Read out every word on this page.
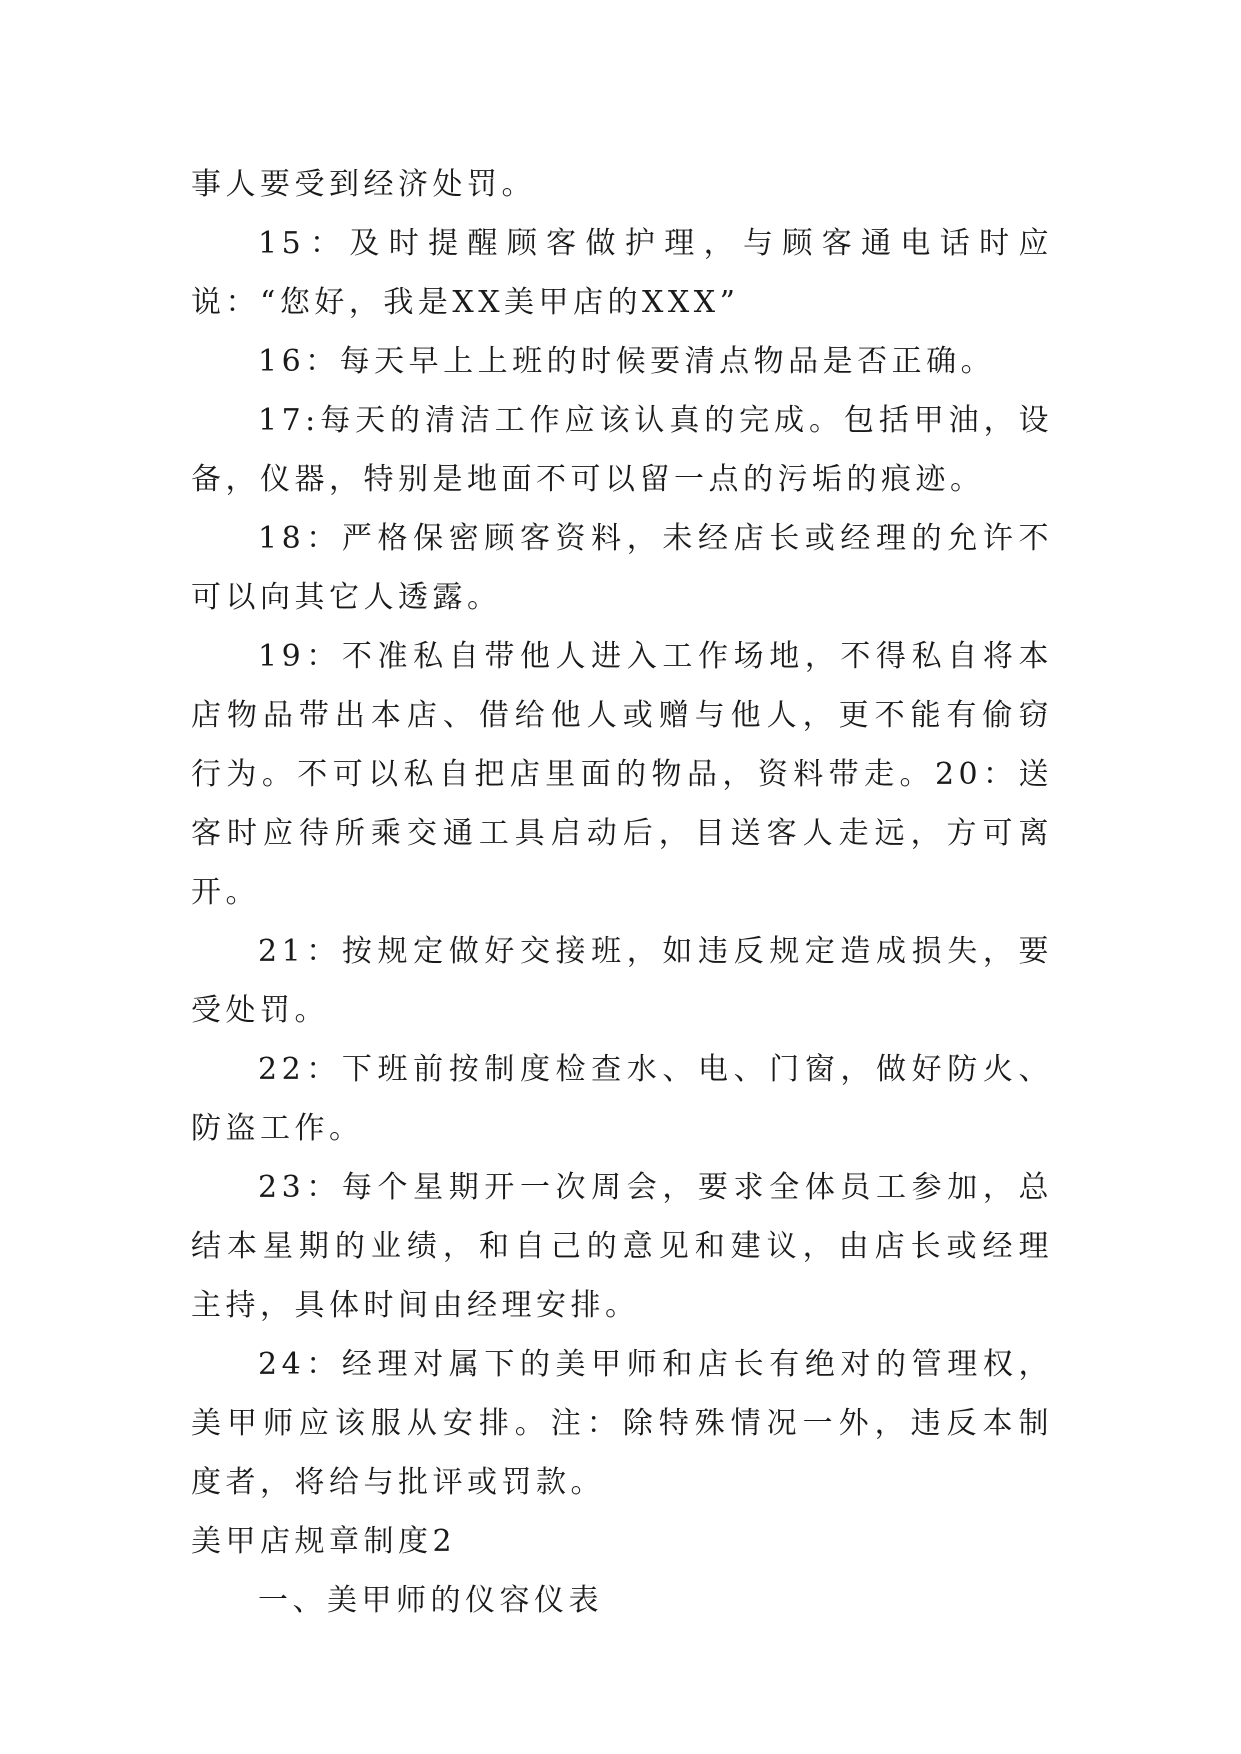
事人要受到经济处罚。

15：及时提醒顾客做护理，与顾客通电话时应说：“您好，我是XX美甲店的XXX”

16：每天早上上班的时候要清点物品是否正确。

17:每天的清洁工作应该认真的完成。包括甲油，设备，仪器，特别是地面不可以留一点的污垢的痕迹。

18：严格保密顾客资料，未经店长或经理的允许不可以向其它人透露。

19：不准私自带他人进入工作场地，不得私自将本店物品带出本店、借给他人或赠与他人，更不能有偷窃行为。不可以私自把店里面的物品，资料带走。20：送客时应待所乘交通工具启动后，目送客人走远，方可离开。

21：按规定做好交接班，如违反规定造成损失，要受处罚。

22：下班前按制度检查水、电、门窗，做好防火、防盗工作。

23：每个星期开一次周会，要求全体员工参加，总结本星期的业绩，和自己的意见和建议，由店长或经理主持，具体时间由经理安排。

24：经理对属下的美甲师和店长有绝对的管理权，美甲师应该服从安排。注：除特殊情况一外，违反本制度者，将给与批评或罚款。

美甲店规章制度2

一、美甲师的仪容仪表
